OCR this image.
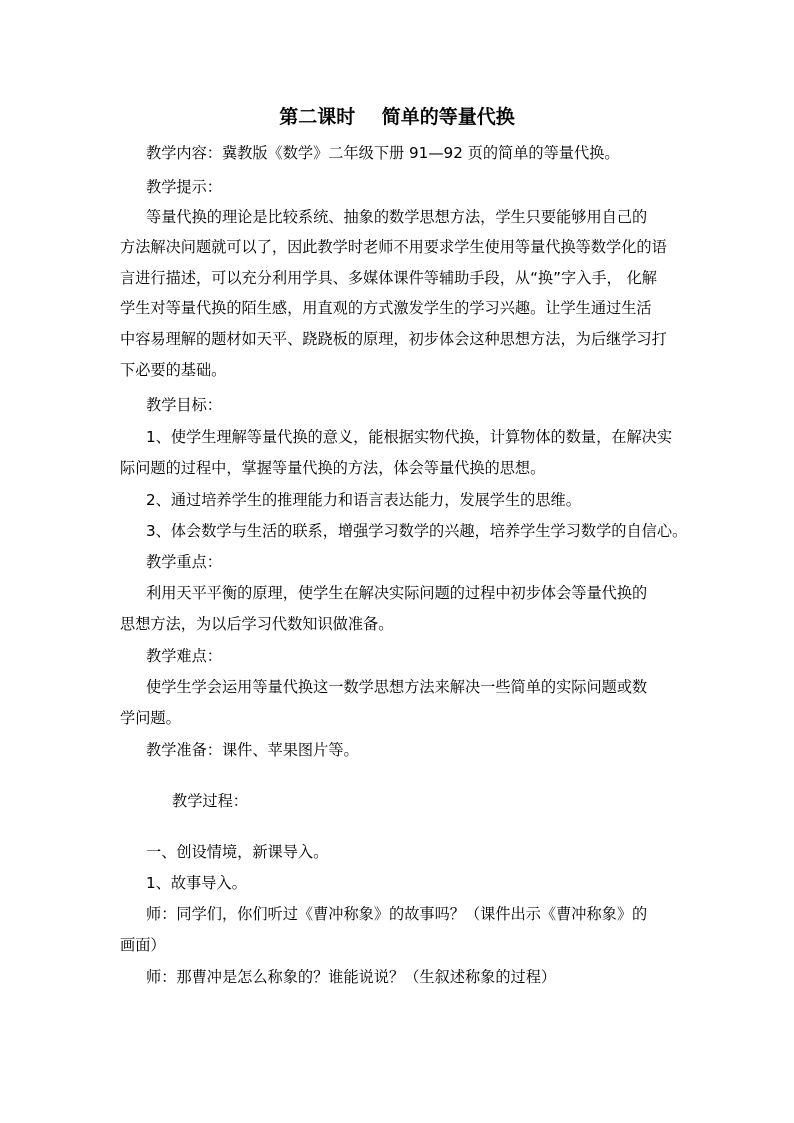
第二课时    简单的等量代换
教学内容：冀教版《数学》二年级下册 91—92 页的简单的等量代换。
教学提示：
等量代换的理论是比较系统、抽象的数学思想方法，学生只要能够用自己的
方法解决问题就可以了，因此教学时老师不用要求学生使用等量代换等数学化的语
言进行描述，可以充分利用学具、多媒体课件等辅助手段，从“换”字入手， 化解
学生对等量代换的陌生感，用直观的方式激发学生的学习兴趣。让学生通过生活
中容易理解的题材如天平、跷跷板的原理，初步体会这种思想方法，为后继学习打
下必要的基础。
教学目标：
1、使学生理解等量代换的意义，能根据实物代换，计算物体的数量，在解决实
际问题的过程中，掌握等量代换的方法，体会等量代换的思想。
2、通过培养学生的推理能力和语言表达能力，发展学生的思维。
3、体会数学与生活的联系，增强学习数学的兴趣，培养学生学习数学的自信心。
教学重点：
利用天平平衡的原理，使学生在解决实际问题的过程中初步体会等量代换的
思想方法，为以后学习代数知识做准备。
教学难点：
使学生学会运用等量代换这一数学思想方法来解决一些简单的实际问题或数
学问题。
教学准备：课件、苹果图片等。
教学过程：
一、创设情境，新课导入。
1、故事导入。
师：同学们，你们听过《曹冲称象》的故事吗？（课件出示《曹冲称象》的
画面）
师：那曹冲是怎么称象的？谁能说说？（生叙述称象的过程）
